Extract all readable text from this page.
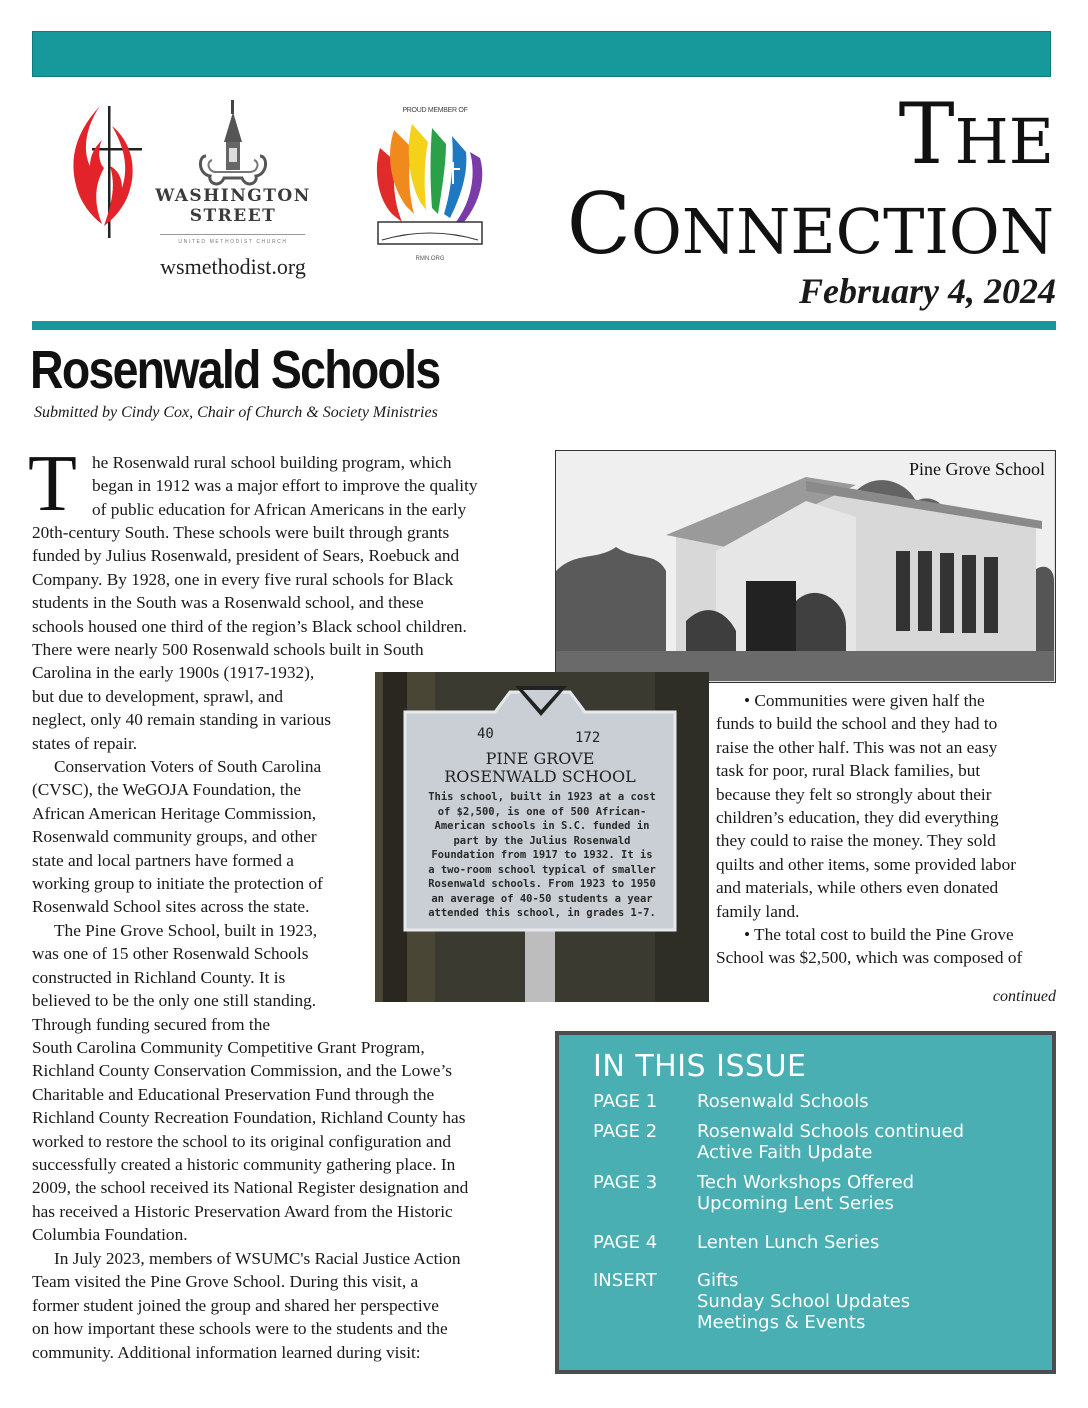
WASHINGTON
STREET
UNITED METHODIST CHURCH
wsmethodist.org
PROUD MEMBER OF
RMN.ORG
THE
CONNECTION
February 4, 2024
Rosenwald Schools
Submitted by Cindy Cox, Chair of Church & Society Ministries
T he Rosenwald rural school building program, which
began in 1912 was a major effort to improve the quality
of public education for African Americans in the early
20th-century South. These schools were built through grants
funded by Julius Rosenwald, president of Sears, Roebuck and
Company. By 1928, one in every five rural schools for Black
students in the South was a Rosenwald school, and these
schools housed one third of the region’s Black school children.
There were nearly 500 Rosenwald schools built in South
Carolina in the early 1900s (1917-1932),
but due to development, sprawl, and
neglect, only 40 remain standing in various
states of repair.
Conservation Voters of South Carolina
(CVSC), the WeGOJA Foundation, the
African American Heritage Commission,
Rosenwald community groups, and other
state and local partners have formed a
working group to initiate the protection of
Rosenwald School sites across the state.
The Pine Grove School, built in 1923,
was one of 15 other Rosenwald Schools
constructed in Richland County. It is
believed to be the only one still standing.
Through funding secured from the
South Carolina Community Competitive Grant Program,
Richland County Conservation Commission, and the Lowe’s
Charitable and Educational Preservation Fund through the
Richland County Recreation Foundation, Richland County has
worked to restore the school to its original configuration and
successfully created a historic community gathering place. In
2009, the school received its National Register designation and
has received a Historic Preservation Award from the Historic
Columbia Foundation.
In July 2023, members of WSUMC's Racial Justice Action
Team visited the Pine Grove School. During this visit, a
former student joined the group and shared her perspective
on how important these schools were to the students and the
community. Additional information learned during visit:
Pine Grove School
40	172
PINE GROVE
ROSENWALD SCHOOL
This school, built in 1923 at a cost
of $2,500, is one of 500 African-
American schools in S.C. funded in
part by the Julius Rosenwald
Foundation from 1917 to 1932. It is
a two-room school typical of smaller
Rosenwald schools. From 1923 to 1950
an average of 40-50 students a year
attended this school, in grades 1-7.
• Communities were given half the
funds to build the school and they had to
raise the other half. This was not an easy
task for poor, rural Black families, but
because they felt so strongly about their
children’s education, they did everything
they could to raise the money. They sold
quilts and other items, some provided labor
and materials, while others even donated
family land.
• The total cost to build the Pine Grove
School was $2,500, which was composed of
continued
IN THIS ISSUE
PAGE 1 Rosenwald Schools
PAGE 2 Rosenwald Schools continued
Active Faith Update
PAGE 3 Tech Workshops Offered
Upcoming Lent Series
PAGE 4 Lenten Lunch Series
INSERT Gifts
Sunday School Updates
Meetings & Events
